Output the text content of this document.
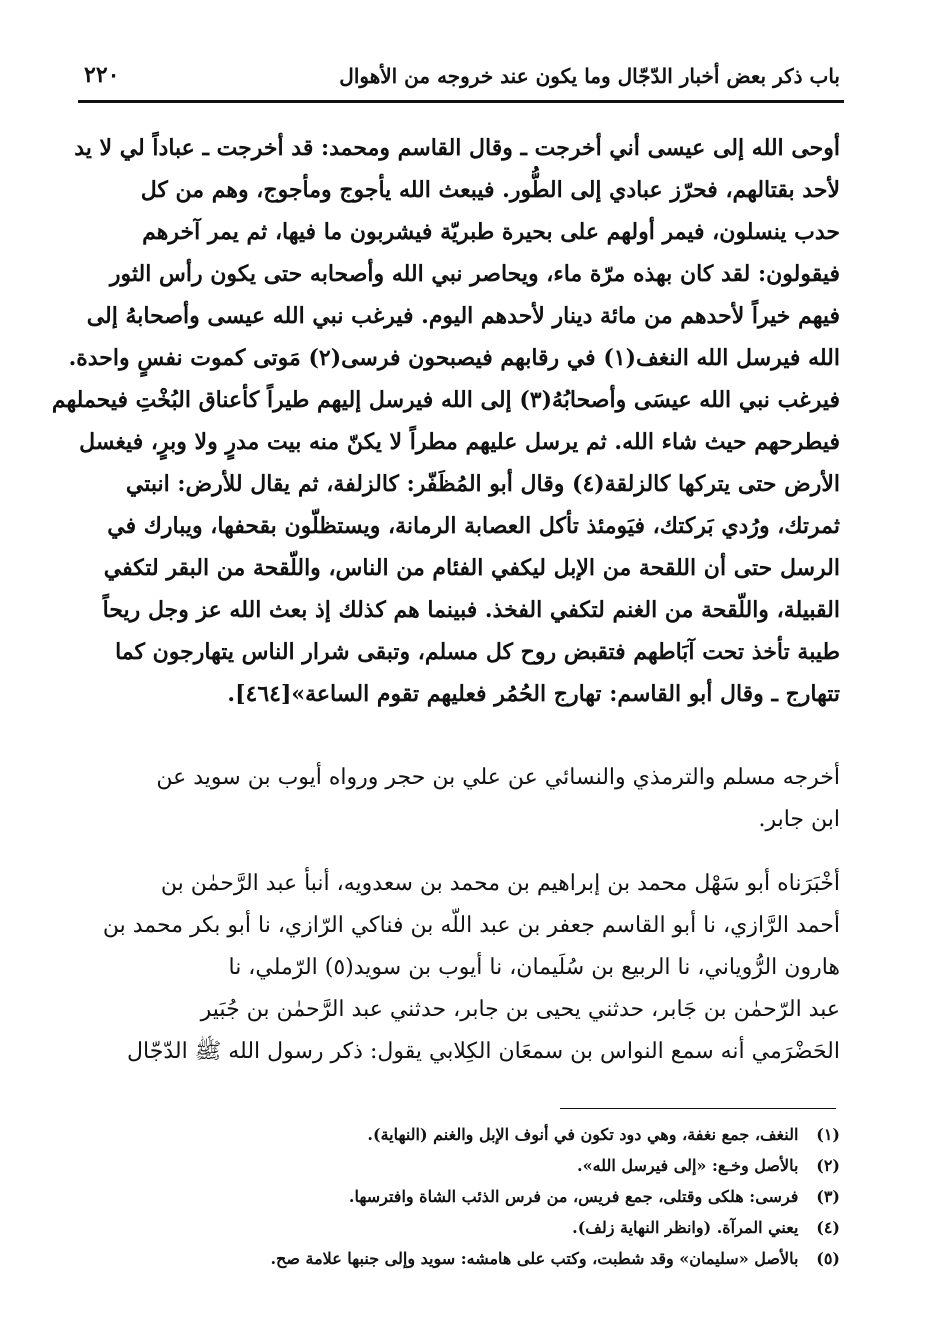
باب ذكر بعض أخبار الدّجّال وما يكون عند خروجه من الأهوال
٢٢٠
أوحى الله إلى عيسى أني أخرجت ـ وقال القاسم ومحمد: قد أخرجت ـ عباداً لي لا يد
لأحد بقتالهم، فحرّز عبادي إلى الطُّور. فيبعث الله يأجوج ومأجوج، وهم من كل
حدب ينسلون، فيمر أولهم على بحيرة طبريّة فيشربون ما فيها، ثم يمر آخرهم
فيقولون: لقد كان بهذه مرّة ماء، ويحاصر نبي الله وأصحابه حتى يكون رأس الثور
فيهم خيراً لأحدهم من مائة دينار لأحدهم اليوم. فيرغب نبي الله عيسى وأصحابهُ إلى
الله فيرسل الله النغف(١) في رقابهم فيصبحون فرسى(٢) مَوتى كموت نفسٍ واحدة.
فيرغب نبي الله عيسَى وأصحابُهُ(٣) إلى الله فيرسل إليهم طيراً كأعناق البُخْتِ فيحملهم
فيطرحهم حيث شاء الله. ثم يرسل عليهم مطراً لا يكنّ منه بيت مدرٍ ولا وبرٍ، فيغسل
الأرض حتى يتركها كالزلقة(٤) وقال أبو المُظَفّر: كالزلفة، ثم يقال للأرض: انبتي
ثمرتك، ورُدي بَركتك، فيَومئذ تأكل العصابة الرمانة، ويستظلّون بقحفها، ويبارك في
الرسل حتى أن اللقحة من الإبل ليكفي الفئام من الناس، واللّقحة من البقر لتكفي
القبيلة، واللّقحة من الغنم لتكفي الفخذ. فبينما هم كذلك إذ بعث الله عز وجل ريحاً
طيبة تأخذ تحت آبَاطهم فتقبض روح كل مسلم، وتبقى شرار الناس يتهارجون كما
تتهارج ـ وقال أبو القاسم: تهارج الحُمُر فعليهم تقوم الساعة»[٤٦٤].
أخرجه مسلم والترمذي والنسائي عن علي بن حجر ورواه أيوب بن سويد عن
ابن جابر.
أخْبَرَناه أبو سَهْل محمد بن إبراهيم بن محمد بن سعدويه، أنبأ عبد الرَّحمٰن بن
أحمد الرَّازي، نا أبو القاسم جعفر بن عبد اللّه بن فناكي الرّازي، نا أبو بكر محمد بن
هارون الرُّوياني، نا الربيع بن سُلَيمان، نا أيوب بن سويد(٥) الرّملي، نا
عبد الرّحمٰن بن جَابر، حدثني يحيى بن جابر، حدثني عبد الرَّحمٰن بن جُبَير
الحَضْرَمي أنه سمع النواس بن سمعَان الكِلابي يقول: ذكر رسول الله ﷺ الدّجّال
(١) النغف، جمع نغفة، وهي دود تكون في أنوف الإبل والغنم (النهاية).
(٢) بالأصل وخـع: «إلى فيرسل الله».
(٣) فرسى: هلكى وقتلى، جمع فريس، من فرس الذئب الشاة وافترسها.
(٤) يعني المرآة. (وانظر النهاية زلف).
(٥) بالأصل «سليمان» وقد شطبت، وكتب على هامشه: سويد وإلى جنبها علامة صح.
